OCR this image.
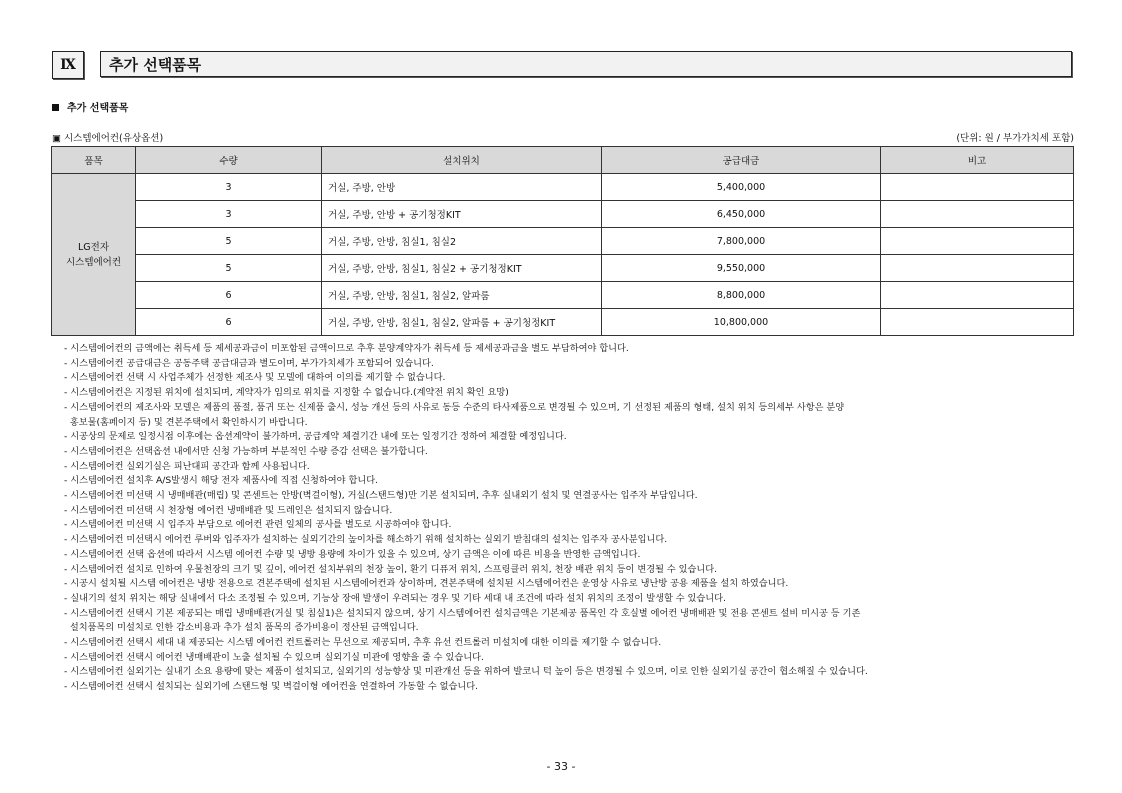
Ⅸ	추가 선택품목
추가 선택품목
▣ 시스템에어컨(유상옵션)	(단위: 원 / 부가가치세 포함)
품목	수량	설치위치	공급대금	비고

LG전자
시스템에어컨	3	거실, 주방, 안방	5,400,000	
	3	거실, 주방, 안방 + 공기청정KIT	6,450,000	
	5	거실, 주방, 안방, 침실1, 침실2	7,800,000	
	5	거실, 주방, 안방, 침실1, 침실2 + 공기청정KIT	9,550,000	
	6	거실, 주방, 안방, 침실1, 침실2, 알파룸	8,800,000	
	6	거실, 주방, 안방, 침실1, 침실2, 알파룸 + 공기청정KIT	10,800,000	
- 시스템에어컨의 금액에는 취득세 등 제세공과금이 미포함된 금액이므로 추후 분양계약자가 취득세 등 제세공과금을 별도 부담하여야 합니다.
- 시스템에어컨 공급대금은 공동주택 공급대금과 별도이며, 부가가치세가 포함되어 있습니다.
- 시스템에어컨 선택 시 사업주체가 선정한 제조사 및 모델에 대하여 이의를 제기할 수 없습니다.
- 시스템에어컨은 지정된 위치에 설치되며, 계약자가 임의로 위치를 지정할 수 없습니다.(계약전 위치 확인 요망)
- 시스템에어컨의 제조사와 모델은 제품의 품절, 품귀 또는 신제품 출시, 성능 개선 등의 사유로 동등 수준의 타사제품으로 변경될 수 있으며, 기 선정된 제품의 형태, 설치 위치 등의세부 사항은 분양
홍보물(홈페이지 등) 및 견본주택에서 확인하시기 바랍니다.
- 시공상의 문제로 일정시점 이후에는 옵션계약이 불가하며, 공급계약 체결기간 내에 또는 일정기간 정하여 체결할 예정입니다.
- 시스템에어컨은 선택옵션 내에서만 신청 가능하며 부분적인 수량 증감 선택은 불가합니다.
- 시스템에어컨 실외기실은 피난대피 공간과 함께 사용됩니다.
- 시스템에어컨 설치후 A/S발생시 해당 전자 제품사에 직접 신청하여야 합니다.
- 시스템에어컨 미선택 시 냉매배관(매립) 및 콘센트는 안방(벽걸이형), 거실(스탠드형)만 기본 설치되며, 추후 실내외기 설치 및 연결공사는 입주자 부담입니다.
- 시스템에어컨 미선택 시 천장형 에어컨 냉매배관 및 드레인은 설치되지 않습니다.
- 시스템에어컨 미선택 시 입주자 부담으로 에어컨 관련 일체의 공사를 별도로 시공하여야 합니다.
- 시스템에어컨 미선택시 에어컨 루버와 입주자가 설치하는 실외기간의 높이차를 해소하기 위해 설치하는 실외기 받침대의 설치는 입주자 공사분입니다.
- 시스템에어컨 선택 옵션에 따라서 시스템 에어컨 수량 및 냉방 용량에 차이가 있을 수 있으며, 상기 금액은 이에 따른 비용을 반영한 금액입니다.
- 시스템에어컨 설치로 인하여 우물천장의 크기 및 깊이, 에어컨 설치부위의 천장 높이, 환기 디퓨저 위치, 스프링클러 위치, 천장 배관 위치 등이 변경될 수 있습니다.
- 시공시 설치될 시스템 에어컨은 냉방 전용으로 견본주택에 설치된 시스템에어컨과 상이하며, 견본주택에 설치된 시스템에어컨은 운영상 사유로 냉난방 공용 제품을 설치 하였습니다.
- 실내기의 설치 위치는 해당 실내에서 다소 조정될 수 있으며, 기능상 장애 발생이 우려되는 경우 및 기타 세대 내 조건에 따라 설치 위치의 조정이 발생할 수 있습니다.
- 시스템에어컨 선택시 기본 제공되는 매립 냉매배관(거실 및 침실1)은 설치되지 않으며, 상기 시스템에어컨 설치금액은 기본제공 품목인 각 호실별 에어컨 냉매배관 및 전용 콘센트 설비 미시공 등 기존
설치품목의 미설치로 인한 감소비용과 추가 설치 품목의 증가비용이 정산된 금액입니다.
- 시스템에어컨 선택시 세대 내 제공되는 시스템 에어컨 컨트롤러는 무선으로 제공되며, 추후 유선 컨트롤러 미설치에 대한 이의를 제기할 수 없습니다.
- 시스템에어컨 선택시 에어컨 냉매배관이 노출 설치될 수 있으며 실외기실 미관에 영향을 줄 수 있습니다.
- 시스템에어컨 실외기는 실내기 소요 용량에 맞는 제품이 설치되고, 실외기의 성능향상 및 미관개선 등을 위하여 발코니 턱 높이 등은 변경될 수 있으며, 이로 인한 실외기실 공간이 협소해질 수 있습니다.
- 시스템에어컨 선택시 설치되는 실외기에 스탠드형 및 벽걸이형 에어컨을 연결하여 가동할 수 없습니다.
- 33 -
